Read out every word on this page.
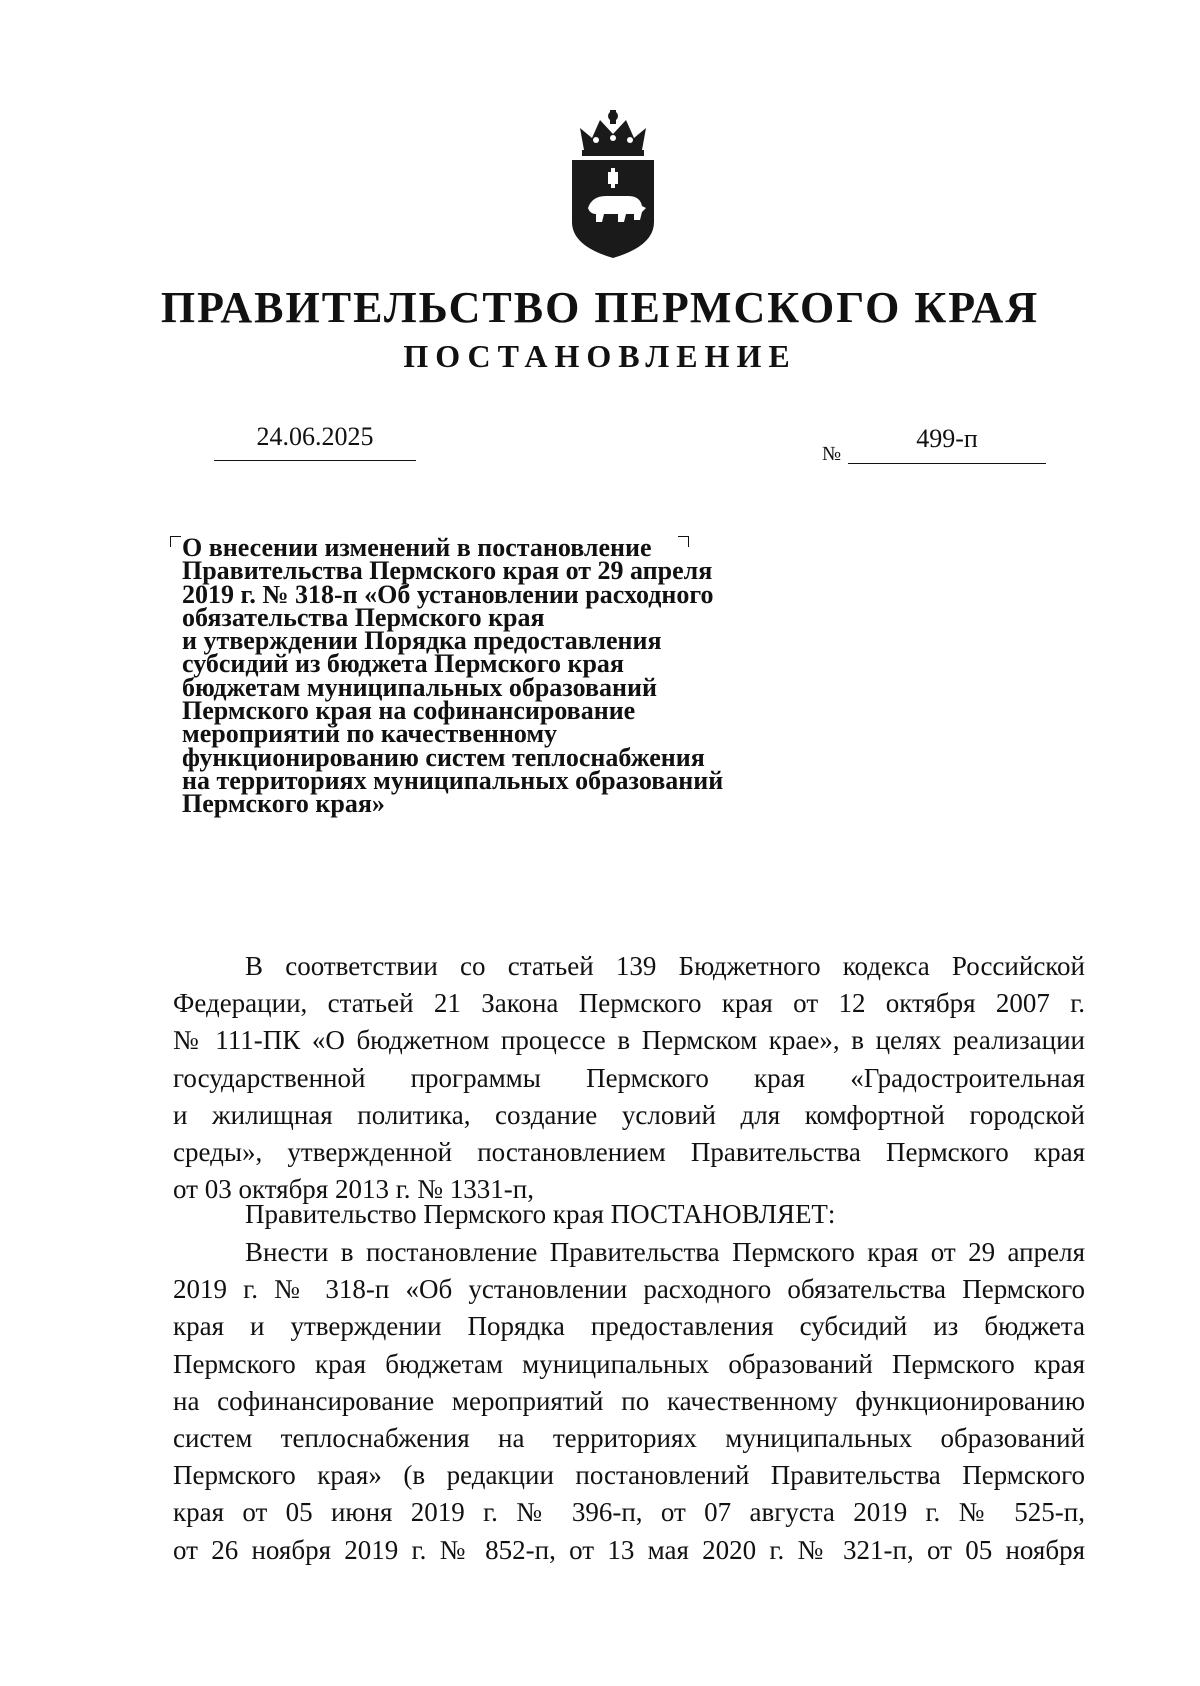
ПРАВИТЕЛЬСТВО ПЕРМСКОГО КРАЯ
ПОСТАНОВЛЕНИЕ
24.06.2025
№
499-п
О внесении изменений в постановление
Правительства Пермского края от 29 апреля
2019 г. № 318-п «Об установлении расходного
обязательства Пермского края
и утверждении Порядка предоставления
субсидий из бюджета Пермского края
бюджетам муниципальных образований
Пермского края на софинансирование
мероприятий по качественному
функционированию систем теплоснабжения
на территориях муниципальных образований
Пермского края»
В соответствии со статьей 139 Бюджетного кодекса Российской
Федерации, статьей 21 Закона Пермского края от 12 октября 2007 г.
№ 111-ПК «О бюджетном процессе в Пермском крае», в целях реализации
государственной программы Пермского края «Градостроительная
и жилищная политика, создание условий для комфортной городской
среды», утвержденной постановлением Правительства Пермского края
от 03 октября 2013 г. № 1331-п,
Правительство Пермского края ПОСТАНОВЛЯЕТ:
Внести в постановление Правительства Пермского края от 29 апреля
2019 г. № 318-п «Об установлении расходного обязательства Пермского
края и утверждении Порядка предоставления субсидий из бюджета
Пермского края бюджетам муниципальных образований Пермского края
на софинансирование мероприятий по качественному функционированию
систем теплоснабжения на территориях муниципальных образований
Пермского края» (в редакции постановлений Правительства Пермского
края от 05 июня 2019 г. № 396-п, от 07 августа 2019 г. № 525-п,
от 26 ноября 2019 г. № 852-п, от 13 мая 2020 г. № 321-п, от 05 ноября
